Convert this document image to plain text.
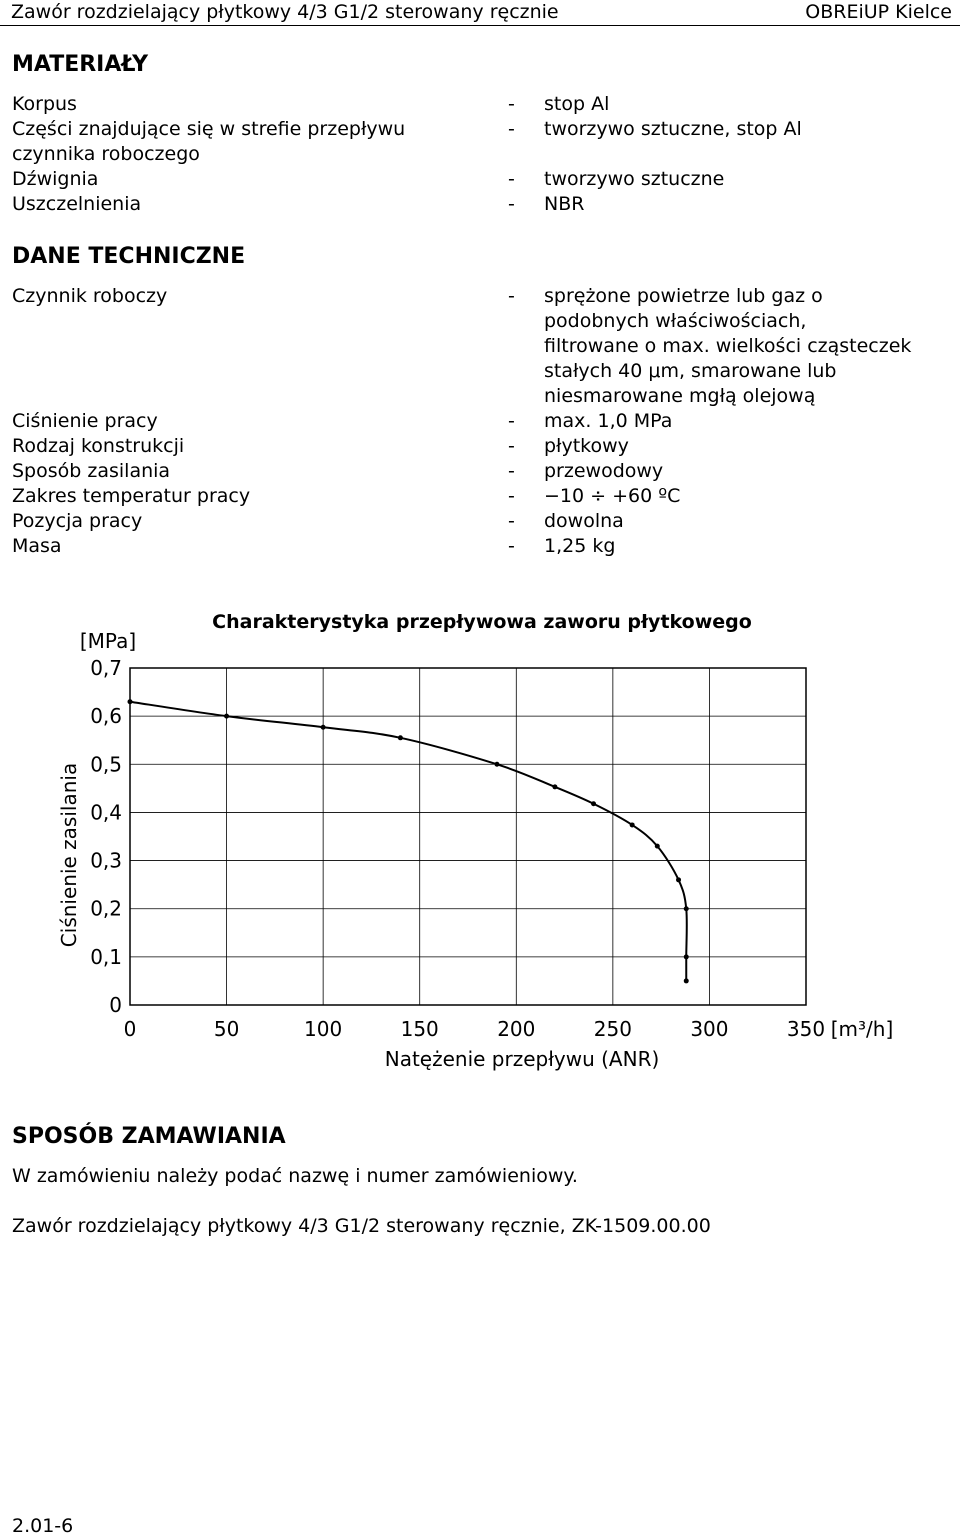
Zawór rozdzielający płytkowy 4/3 G1/2 sterowany ręcznie	OBREiUP Kielce
MATERIAŁY
Korpus	- stop Al
Części znajdujące się w strefie przepływu	- tworzywo sztuczne, stop Al
czynnika roboczego
Dźwignia	- tworzywo sztuczne
Uszczelnienia	- NBR
DANE TECHNICZNE
Czynnik roboczy	- sprężone powietrze lub gaz o
podobnych właściwościach,
filtrowane o max. wielkości cząsteczek
stałych 40 μm, smarowane lub
niesmarowane mgłą olejową
Ciśnienie pracy	- max. 1,0 MPa
Rodzaj konstrukcji	- płytkowy
Sposób zasilania	- przewodowy
Zakres temperatur pracy	- −10 ÷ +60 ºC
Pozycja pracy	- dowolna
Masa	- 1,25 kg
Charakterystyka przepływowa zaworu płytkowego
[MPa]
Ciśnienie zasilania
Natężenie przepływu (ANR)
[m³/h]
0	50	100	150	200	250	300	350
0
0,1
0,2
0,3
0,4
0,5
0,6
0,7
SPOSÓB ZAMAWIANIA
W zamówieniu należy podać nazwę i numer zamówieniowy.
Zawór rozdzielający płytkowy 4/3 G1/2 sterowany ręcznie, ZK-1509.00.00
2.01-6
